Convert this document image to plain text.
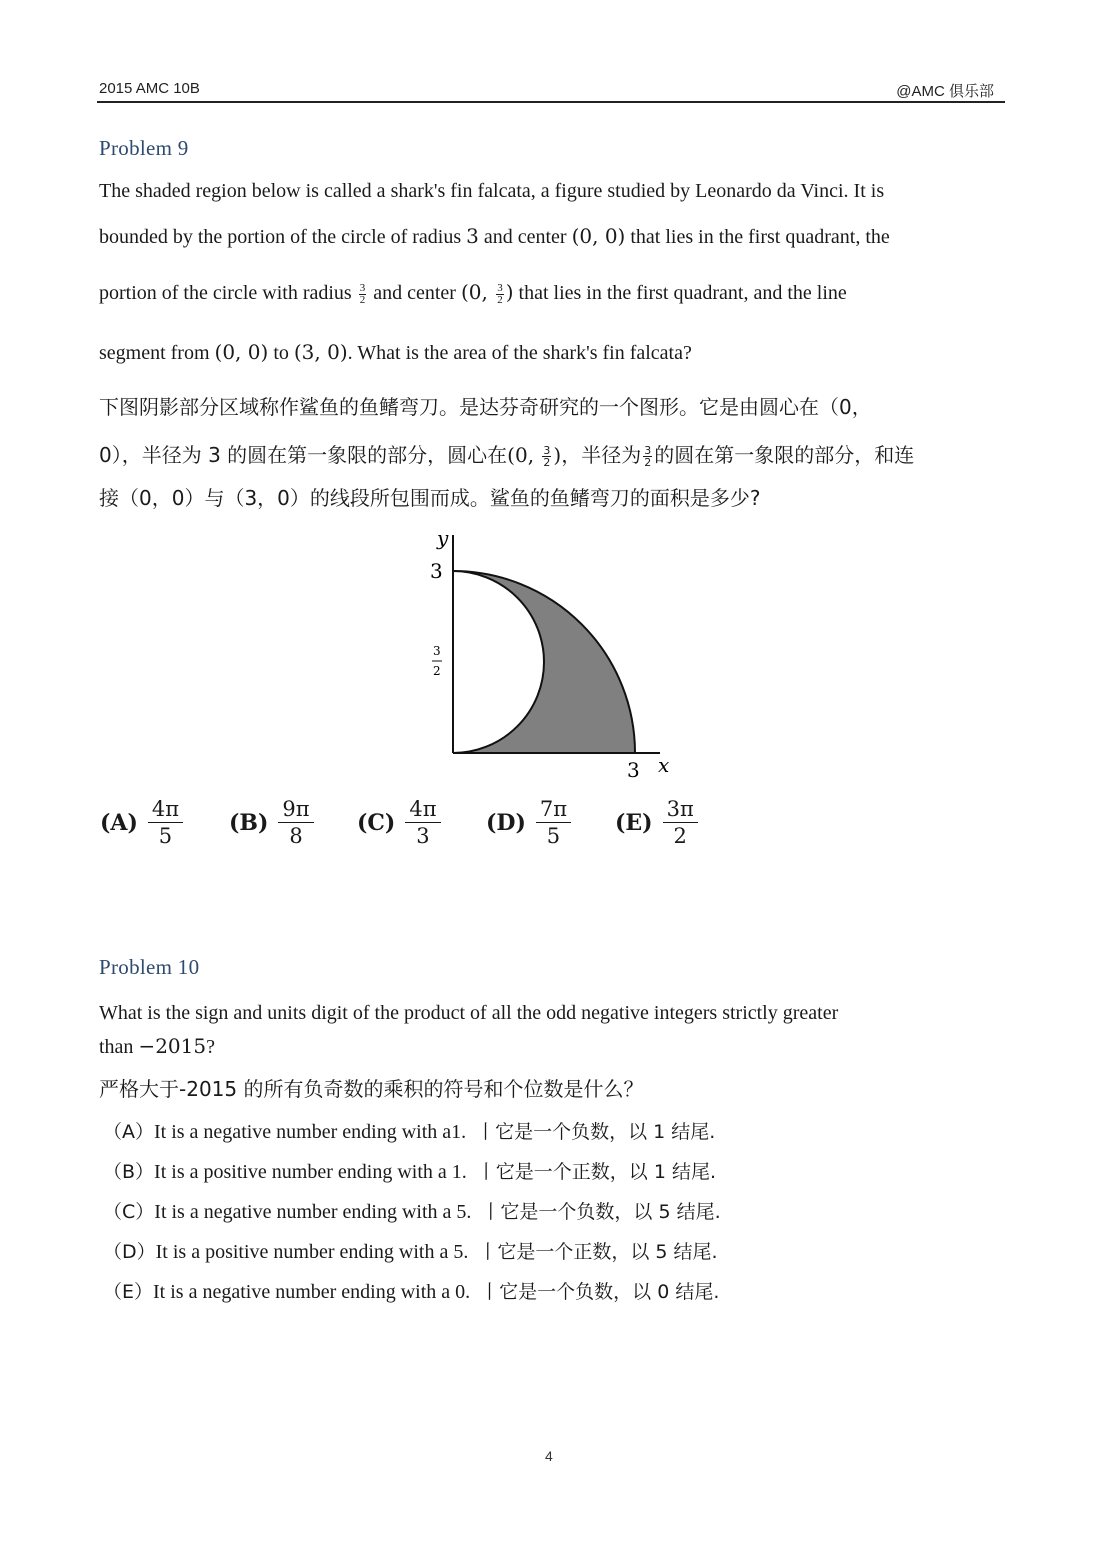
2015 AMC 10B	@AMC 俱乐部
Problem 9
The shaded region below is called a shark's fin falcata, a figure studied by Leonardo da Vinci. It is
bounded by the portion of the circle of radius 3 and center (0, 0) that lies in the first quadrant, the
portion of the circle with radius $\frac{3}{2}$ and center (0, $\frac{3}{2}$ ) that lies in the first quadrant, and the line
segment from (0, 0) to (3, 0). What is the area of the shark's fin falcata?
下图阴影部分区域称作鲨鱼的鱼鳍弯刀。是达芬奇研究的一个图形。它是由圆心在（0，
0），半径为 3 的圆在第一象限的部分，圆心在(0, $\frac{3}{2}$ )，半径为 $\frac{3}{2}$ 的圆在第一象限的部分，和连
接（0，0）与（3，0）的线段所包围而成。鲨鱼的鱼鳍弯刀的面积是多少?
y
3
3
2
3 x
$(A) \frac{4\pi}{5} (B) \frac{9\pi}{8} (C) \frac{4\pi}{3} (D) \frac{7\pi}{5} (E) \frac{3\pi}{2}$
Problem 10
What is the sign and units digit of the product of all the odd negative integers strictly greater
than −2015?
严格大于-2015 的所有负奇数的乘积的符号和个位数是什么？
（A）It is a negative number ending with a1. 丨它是一个负数，以 1 结尾.
（B）It is a positive number ending with a 1. 丨它是一个正数，以 1 结尾.
（C）It is a negative number ending with a 5. 丨它是一个负数，以 5 结尾.
（D）It is a positive number ending with a 5. 丨它是一个正数，以 5 结尾.
（E）It is a negative number ending with a 0. 丨它是一个负数，以 0 结尾.
4
